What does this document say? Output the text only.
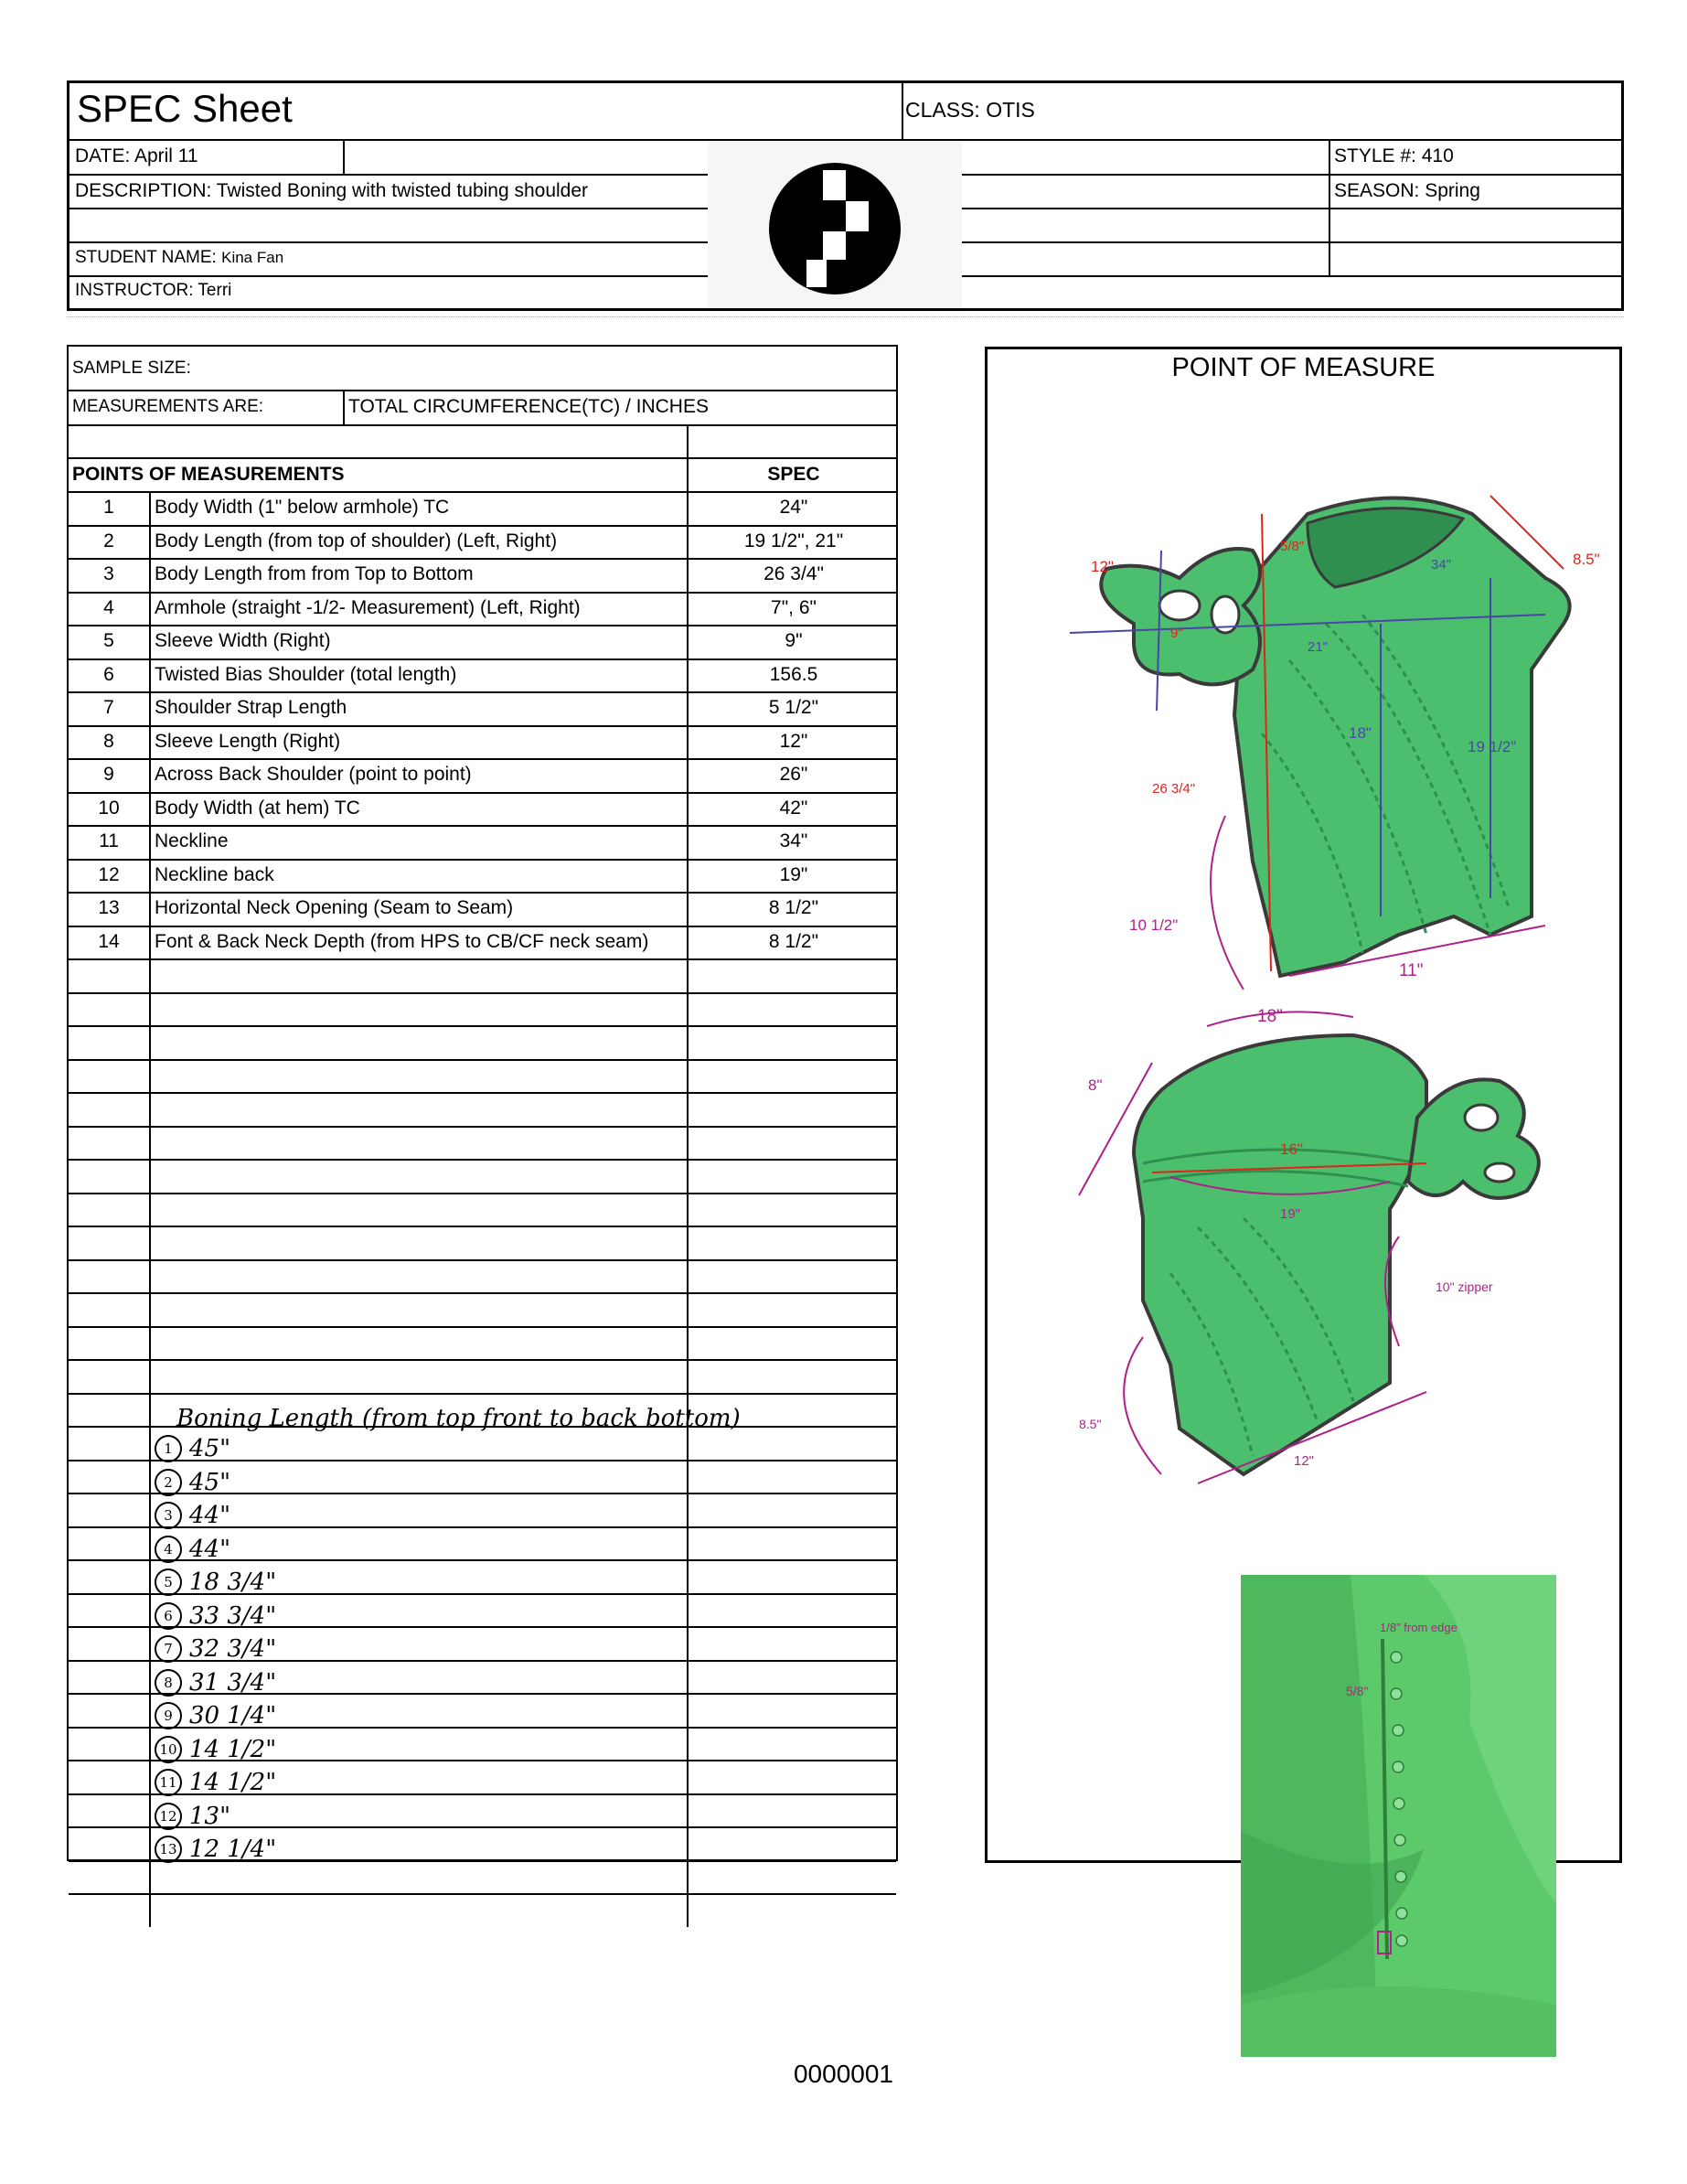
SPEC Sheet	CLASS: OTIS
DATE: April 11	STYLE #: 410
DESCRIPTION: Twisted Boning with twisted tubing shoulder	SEASON: Spring
STUDENT NAME: Kina Fan
INSTRUCTOR: Terri
SAMPLE SIZE:
MEASUREMENTS ARE:	TOTAL CIRCUMFERENCE(TC) / INCHES
POINTS OF MEASUREMENTS	SPEC
1	Body Width (1" below armhole) TC	24"
2	Body Length (from top of shoulder) (Left, Right)	19 1/2", 21"
3	Body Length from from Top to Bottom	26 3/4"
4	Armhole (straight -1/2- Measurement) (Left, Right)	7", 6"
5	Sleeve Width (Right)	9"
6	Twisted Bias Shoulder (total length)	156.5
7	Shoulder Strap Length	5 1/2"
8	Sleeve Length (Right)	12"
9	Across Back Shoulder (point to point)	26"
10	Body Width (at hem) TC	42"
11	Neckline	34"
12	Neckline back	19"
13	Horizontal Neck Opening (Seam to Seam)	8 1/2"
14	Font & Back Neck Depth (from HPS to CB/CF neck seam)	8 1/2"
Boning Length (from top front to back bottom)
1 45"
2 45"
3 44"
4 44"
5 18 3/4"
6 33 3/4"
7 32 3/4"
8 31 3/4"
9 30 1/4"
10 14 1/2"
11 14 1/2"
12 13"
13 12 1/4"
POINT OF MEASURE
12"
5/8"
9"
34"	8.5"
21"
18"
19 1/2"
26 3/4"
10 1/2"
11"
18"
8"
16"
19"
10" zipper
8.5"
12"
1/8" from edge
5/8"
0000001
